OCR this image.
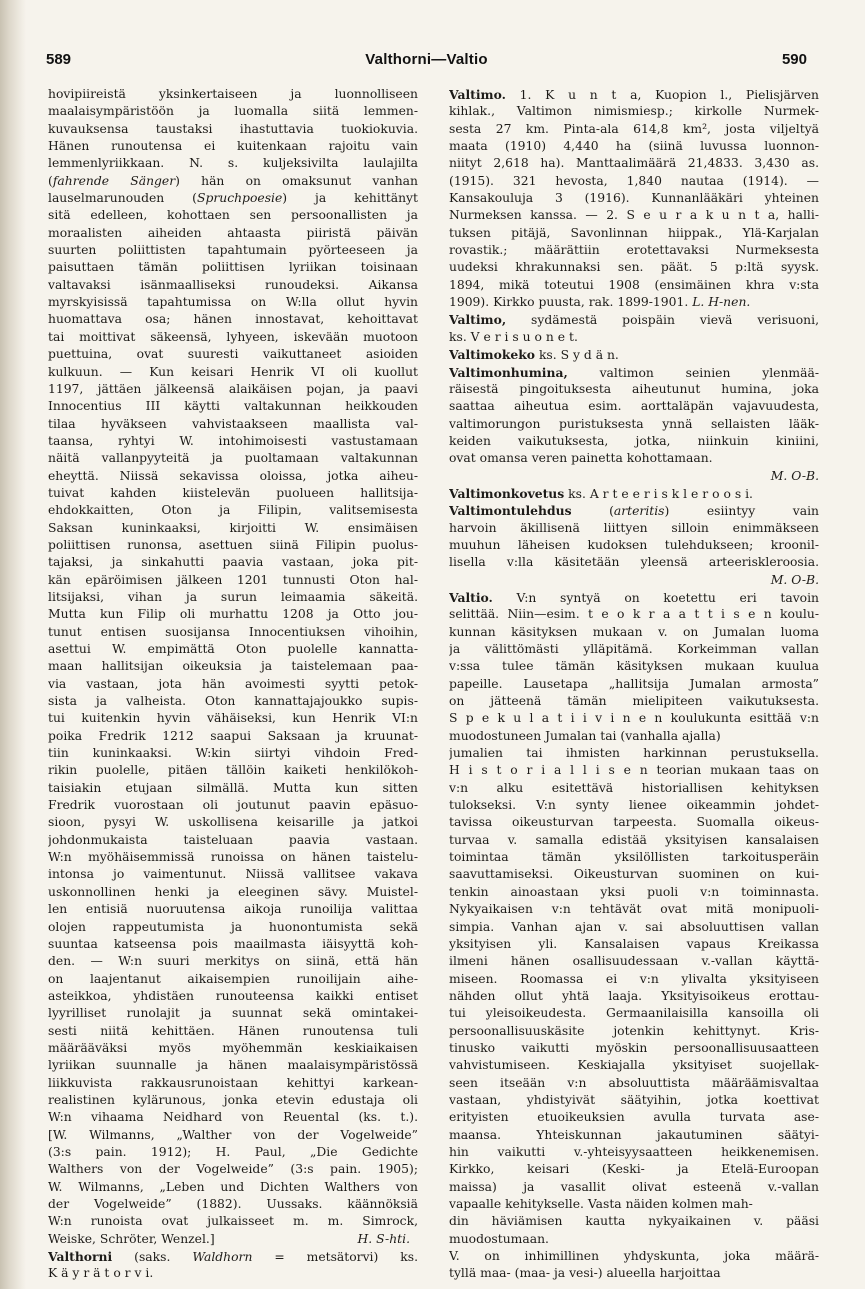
589	Valthorni—Valtio	590
hovipiireistä yksinkertaiseen ja luonnolliseen
maalaisympäristöön ja luomalla siitä lemmen-
kuvauksensa taustaksi ihastuttavia tuokiokuvia.
Hänen runoutensa ei kuitenkaan rajoitu vain
lemmenlyriikkaan. N. s. kuljeksivilta laulajilta
(fahrende Sänger) hän on omaksunut vanhan
lauselmarunouden (Spruchpoesie) ja kehittänyt
sitä edelleen, kohottaen sen persoonallisten ja
moraalisten aiheiden ahtaasta piiristä päivän
suurten poliittisten tapahtumain pyörteeseen ja
paisuttaen tämän poliittisen lyriikan toisinaan
valtavaksi isänmaalliseksi runoudeksi. Aikansa
myrskyisissä tapahtumissa on W:lla ollut hyvin
huomattava osa; hänen innostavat, kehoittavat
tai moittivat säkeensä, lyhyeen, iskevään muotoon
puettuina, ovat suuresti vaikuttaneet asioiden
kulkuun. — Kun keisari Henrik VI oli kuollut
1197, jättäen jälkeensä alaikäisen pojan, ja paavi
Innocentius III käytti valtakunnan heikkouden
tilaa hyväkseen vahvistaakseen maallista val-
taansa, ryhtyi W. intohimoisesti vastustamaan
näitä vallanpyyteitä ja puoltamaan valtakunnan
eheyttä. Niissä sekavissa oloissa, jotka aiheu-
tuivat kahden kiistelevän puolueen hallitsija-
ehdokkaitten, Oton ja Filipin, valitsemisesta
Saksan kuninkaaksi, kirjoitti W. ensimäisen
poliittisen runonsa, asettuen siinä Filipin puolus-
tajaksi, ja sinkahutti paavia vastaan, joka pit-
kän epäröimisen jälkeen 1201 tunnusti Oton hal-
litsijaksi, vihan ja surun leimaamia säkeitä.
Mutta kun Filip oli murhattu 1208 ja Otto jou-
tunut entisen suosijansa Innocentiuksen vihoihin,
asettui W. empimättä Oton puolelle kannatta-
maan hallitsijan oikeuksia ja taistelemaan paa-
via vastaan, jota hän avoimesti syytti petok-
sista ja valheista. Oton kannattajajoukko supis-
tui kuitenkin hyvin vähäiseksi, kun Henrik VI:n
poika Fredrik 1212 saapui Saksaan ja kruunat-
tiin kuninkaaksi. W:kin siirtyi vihdoin Fred-
rikin puolelle, pitäen tällöin kaiketi henkilökoh-
taisiakin etujaan silmällä. Mutta kun sitten
Fredrik vuorostaan oli joutunut paavin epäsuo-
sioon, pysyi W. uskollisena keisarille ja jatkoi
johdonmukaista taisteluaan paavia vastaan.
W:n myöhäisemmissä runoissa on hänen taistelu-
intonsa jo vaimentunut. Niissä vallitsee vakava
uskonnollinen henki ja eleeginen sävy. Muistel-
len entisiä nuoruutensa aikoja runoilija valittaa
olojen rappeutumista ja huonontumista sekä
suuntaa katseensa pois maailmasta iäisyyttä koh-
den. — W:n suuri merkitys on siinä, että hän
on laajentanut aikaisempien runoilijain aihe-
asteikkoa, yhdistäen runouteensa kaikki entiset
lyyrilliset runolajit ja suunnat sekä omintakei-
sesti niitä kehittäen. Hänen runoutensa tuli
määrääväksi myös myöhemmän keskiaikaisen
lyriikan suunnalle ja hänen maalaisympäristössä
liikkuvista rakkausrunoistaan kehittyi karkean-
realistinen kylärunous, jonka etevin edustaja oli
W:n vihaama Neidhard von Reuental (ks. t.).
[W. Wilmanns, „Walther von der Vogelweide”
(3:s pain. 1912); H. Paul, „Die Gedichte
Walthers von der Vogelweide” (3:s pain. 1905);
W. Wilmanns, „Leben und Dichten Walthers von
der Vogelweide” (1882). Uussaks. käännöksiä
W:n runoista ovat julkaisseet m. m. Simrock,
H. S-hti.
Weiske, Schröter, Wenzel.]
Valthorni (saks. Waldhorn = metsätorvi) ks.
K ä y r ä t o r v i.
Valtimo. 1. K u n t a, Kuopion l., Pielisjärven
kihlak., Valtimon nimismiesp.; kirkolle Nurmek-
sesta 27 km. Pinta-ala 614,8 km², josta viljeltyä
maata (1910) 4,440 ha (siinä luvussa luonnon-
niityt 2,618 ha). Manttaalimäärä 21,4833. 3,430 as.
(1915). 321 hevosta, 1,840 nautaa (1914). —
Kansakouluja 3 (1916). Kunnanlääkäri yhteinen
Nurmeksen kanssa. — 2. S e u r a k u n t a, halli-
tuksen pitäjä, Savonlinnan hiippak., Ylä-Karjalan
rovastik.; määrättiin erotettavaksi Nurmeksesta
uudeksi khrakunnaksi sen. päät. 5 p:ltä syysk.
1894, mikä toteutui 1908 (ensimäinen khra v:sta
1909). Kirkko puusta, rak. 1899-1901. L. H-nen.
Valtimo, sydämestä poispäin vievä verisuoni,
ks. V e r i s u o n e t.
Valtimokeko ks. S y d ä n.
Valtimonhumina, valtimon seinien ylenmää-
räisestä pingoituksesta aiheutunut humina, joka
saattaa aiheutua esim. aorttaläpän vajavuudesta,
valtimorungon puristuksesta ynnä sellaisten lääk-
keiden vaikutuksesta, jotka, niinkuin kiniini,
ovat omansa veren painetta kohottamaan.
M. O-B.
Valtimonkovetus ks. A r t e e r i s k l e r o o s i.
Valtimontulehdus (arteritis) esiintyy vain
harvoin äkillisenä liittyen silloin enimmäkseen
muuhun läheisen kudoksen tulehdukseen; kroonil-
lisella v:lla käsitetään yleensä arteeriskleroosia.
M. O-B.
Valtio. V:n syntyä on koetettu eri tavoin
selittää. Niin—esim. t e o k r a a t t i s e n koulu-
kunnan käsityksen mukaan v. on Jumalan luoma
ja välittömästi ylläpitämä. Korkeimman vallan
v:ssa tulee tämän käsityksen mukaan kuulua
papeille. Lausetapa „hallitsija Jumalan armosta”
on jätteenä tämän mielipiteen vaikutuksesta.
S p e k u l a t i i v i n e n koulukunta esittää v:n
muodostuneen Jumalan tai (vanhalla ajalla)
jumalien tai ihmisten harkinnan perustuksella.
H i s t o r i a l l i s e n teorian mukaan taas on
v:n alku esitettävä historiallisen kehityksen
tulokseksi. V:n synty lienee oikeammin johdet-
tavissa oikeusturvan tarpeesta. Suomalla oikeus-
turvaa v. samalla edistää yksityisen kansalaisen
toimintaa tämän yksilöllisten tarkoitusperäin
saavuttamiseksi. Oikeusturvan suominen on kui-
tenkin ainoastaan yksi puoli v:n toiminnasta.
Nykyaikaisen v:n tehtävät ovat mitä monipuoli-
simpia. Vanhan ajan v. sai absoluuttisen vallan
yksityisen yli. Kansalaisen vapaus Kreikassa
ilmeni hänen osallisuudessaan v.-vallan käyttä-
miseen. Roomassa ei v:n ylivalta yksityiseen
nähden ollut yhtä laaja. Yksityisoikeus erottau-
tui yleisoikeudesta. Germaanilaisilla kansoilla oli
persoonallisuuskäsite jotenkin kehittynyt. Kris-
tinusko vaikutti myöskin persoonallisuusaatteen
vahvistumiseen. Keskiajalla yksityiset suojellak-
seen itseään v:n absoluuttista määräämisvaltaa
vastaan, yhdistyivät säätyihin, jotka koettivat
erityisten etuoikeuksien avulla turvata ase-
maansa. Yhteiskunnan jakautuminen säätyi-
hin vaikutti v.-yhteisyysaatteen heikkenemisen.
Kirkko, keisari (Keski- ja Etelä-Euroopan
maissa) ja vasallit olivat esteenä v.-vallan
vapaalle kehitykselle. Vasta näiden kolmen mah-
din häviämisen kautta nykyaikainen v. pääsi
muodostumaan.
V. on inhimillinen yhdyskunta, joka määrä-
tyllä maa- (maa- ja vesi-) alueella harjoittaa
